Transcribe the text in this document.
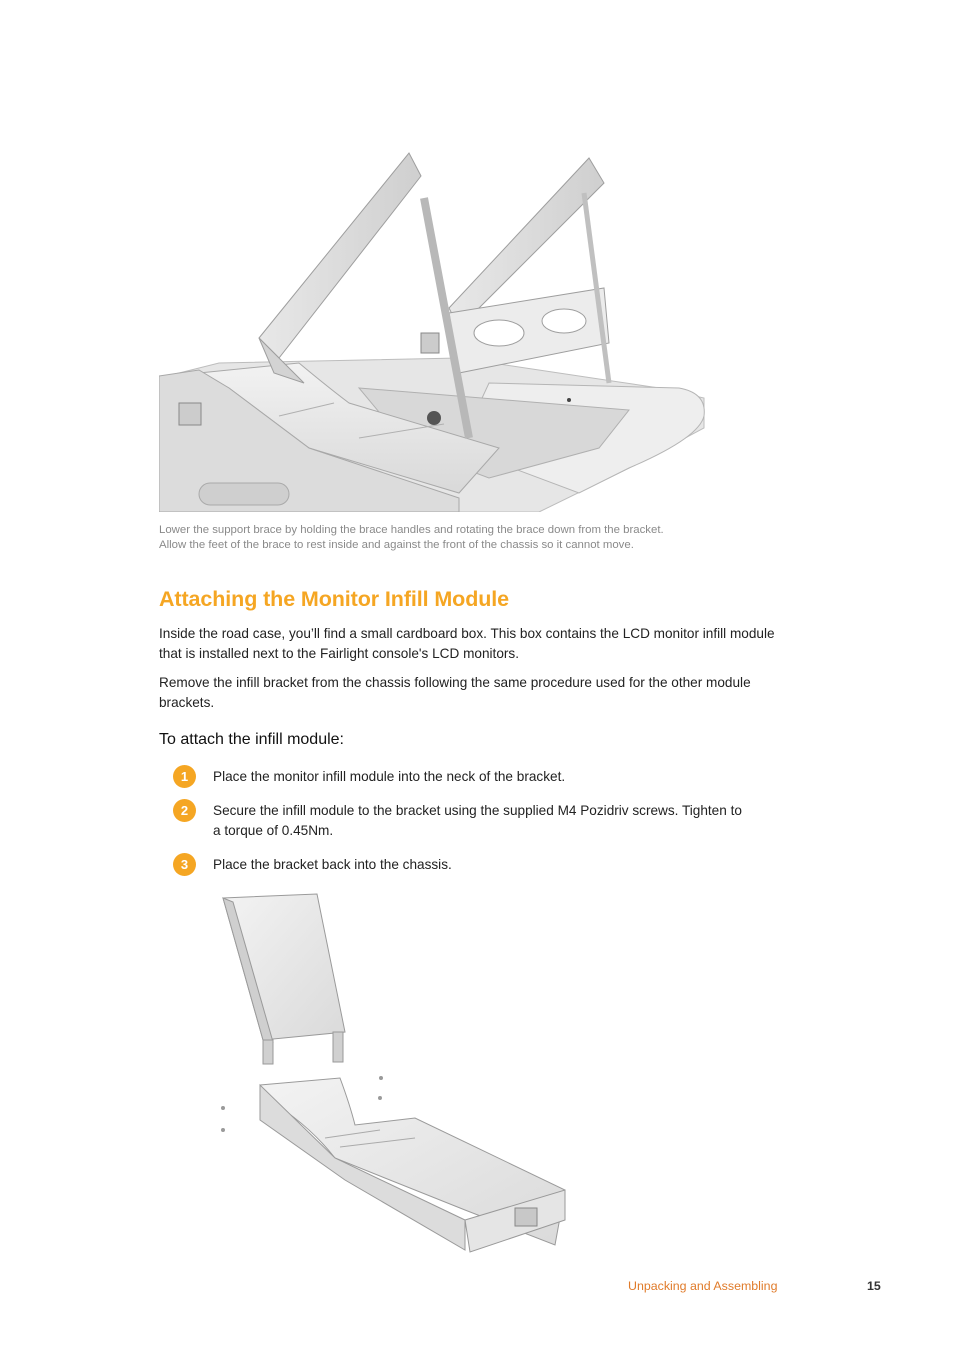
Lower the support brace by holding the brace handles and rotating the brace down from the bracket.

Allow the feet of the brace to rest inside and against the front of the chassis so it cannot move.

Attaching the Monitor Infill Module

Inside the road case, you’ll find a small cardboard box. This box contains the LCD monitor infill module that is installed next to the Fairlight console's LCD monitors.

Remove the infill bracket from the chassis following the same procedure used for the other module brackets.

To attach the infill module:
1	Place the monitor infill module into the neck of the bracket.
2	Secure the infill module to the bracket using the supplied M4 Pozidriv screws. Tighten to a torque of 0.45Nm.
3	Place the bracket back into the chassis.
Unpacking and Assembling	15
